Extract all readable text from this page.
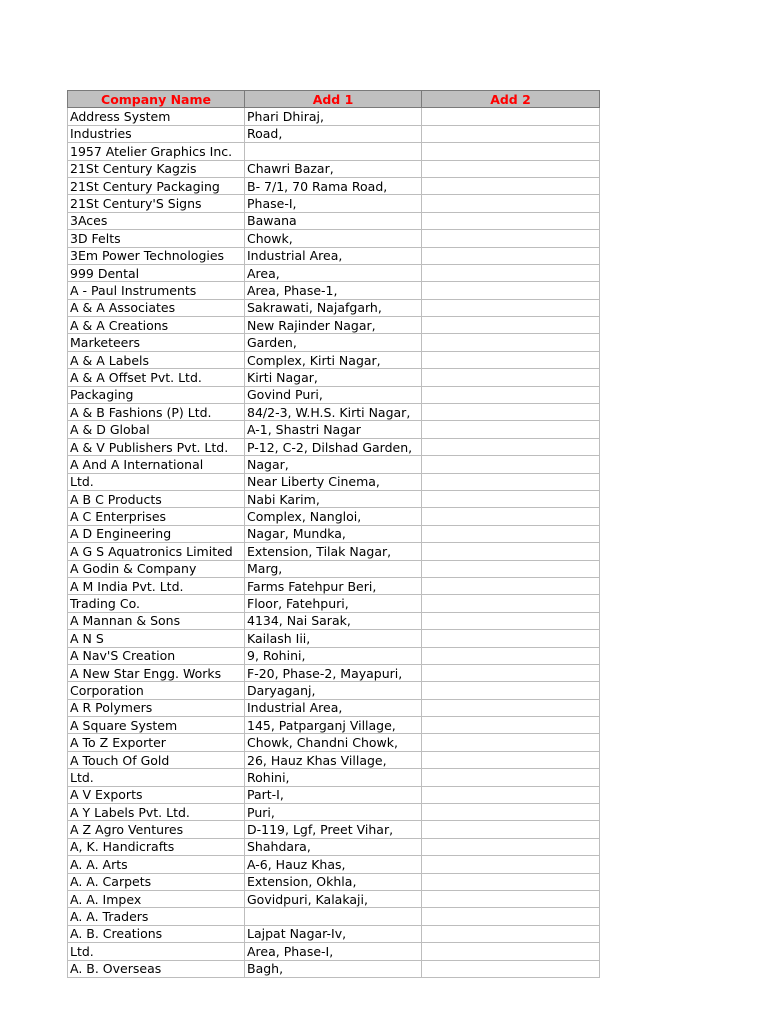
Company Name	Add 1	Add 2
Address System	Phari Dhiraj,	
Industries	Road,	
1957 Atelier Graphics Inc.		
21St Century Kagzis	Chawri Bazar,	
21St Century Packaging	B- 7/1, 70 Rama Road,	
21St Century'S Signs	Phase-I,	
3Aces	Bawana	
3D Felts	Chowk,	
3Em Power Technologies	Industrial Area,	
999 Dental	Area,	
A - Paul Instruments	Area, Phase-1,	
A & A Associates	Sakrawati, Najafgarh,	
A & A Creations	New Rajinder Nagar,	
Marketeers	Garden,	
A & A Labels	Complex, Kirti Nagar,	
A & A Offset Pvt. Ltd.	Kirti Nagar,	
Packaging	Govind Puri,	
A & B Fashions (P) Ltd.	84/2-3, W.H.S. Kirti Nagar,	
A & D Global	A-1, Shastri Nagar	
A & V Publishers Pvt. Ltd.	P-12, C-2, Dilshad Garden,	
A And A International	Nagar,	
Ltd.	Near Liberty Cinema,	
A B C Products	Nabi Karim,	
A C Enterprises	Complex, Nangloi,	
A D Engineering	Nagar, Mundka,	
A G S Aquatronics Limited	Extension, Tilak Nagar,	
A Godin & Company	Marg,	
A M India Pvt. Ltd.	Farms Fatehpur Beri,	
Trading Co.	Floor, Fatehpuri,	
A Mannan & Sons	4134, Nai Sarak,	
A N S	Kailash Iii,	
A Nav'S Creation	9, Rohini,	
A New Star Engg. Works	F-20, Phase-2, Mayapuri,	
Corporation	Daryaganj,	
A R Polymers	Industrial Area,	
A Square System	145, Patparganj Village,	
A To Z Exporter	Chowk, Chandni Chowk,	
A Touch Of Gold	26, Hauz Khas Village,	
Ltd.	Rohini,	
A V Exports	Part-I,	
A Y Labels Pvt. Ltd.	Puri,	
A Z Agro Ventures	D-119, Lgf, Preet Vihar,	
A, K. Handicrafts	Shahdara,	
A. A. Arts	A-6, Hauz Khas,	
A. A. Carpets	Extension, Okhla,	
A. A. Impex	Govidpuri, Kalakaji,	
A. A. Traders		
A. B. Creations	Lajpat Nagar-Iv,	
Ltd.	Area, Phase-I,	
A. B. Overseas	Bagh,	
